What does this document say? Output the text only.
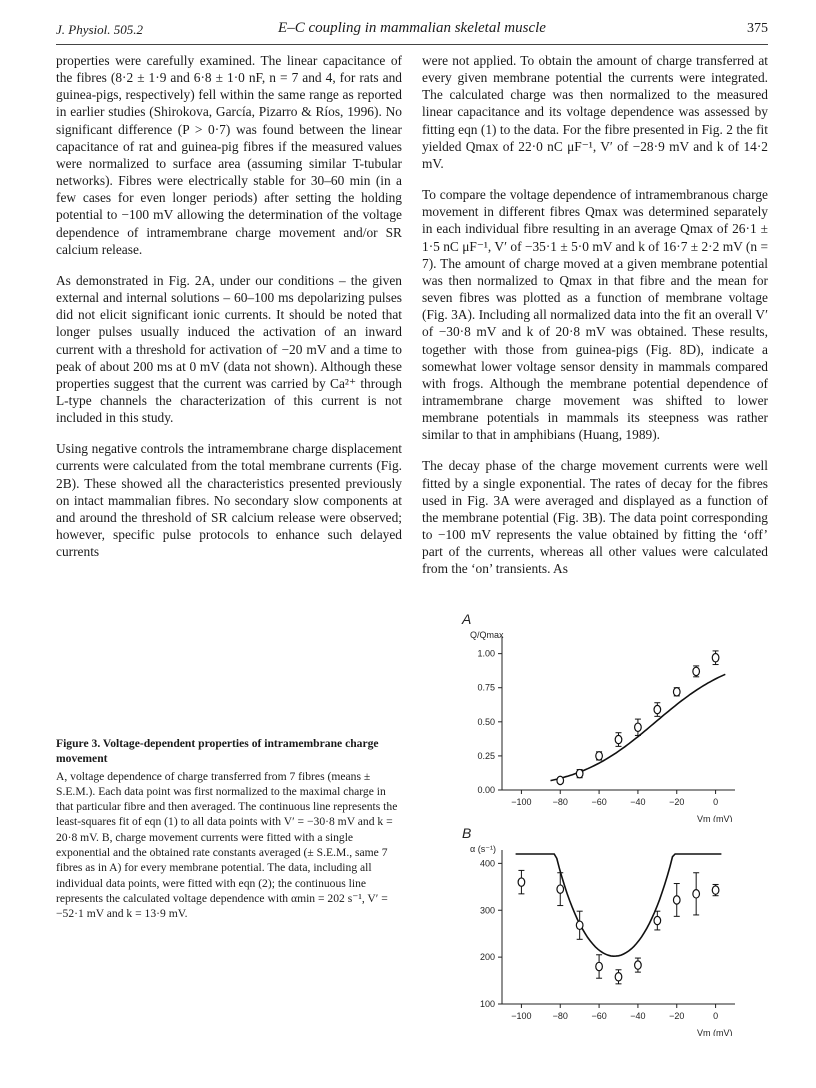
J. Physiol. 505.2	E–C coupling in mammalian skeletal muscle	375

properties were carefully examined. The linear capacitance of the fibres (8·2 ± 1·9 and 6·8 ± 1·0 nF, n = 7 and 4, for rats and guinea-pigs, respectively) fell within the same range as reported in earlier studies (Shirokova, García, Pizarro & Ríos, 1996). No significant difference (P > 0·7) was found between the linear capacitance of rat and guinea-pig fibres if the measured values were normalized to surface area (assuming similar T-tubular networks). Fibres were electrically stable for 30–60 min (in a few cases for even longer periods) after setting the holding potential to −100 mV allowing the determination of the voltage dependence of intramembrane charge movement and/or SR calcium release.

As demonstrated in Fig. 2A, under our conditions – the given external and internal solutions – 60–100 ms depolarizing pulses did not elicit significant ionic currents. It should be noted that longer pulses usually induced the activation of an inward current with a threshold for activation of −20 mV and a time to peak of about 200 ms at 0 mV (data not shown). Although these properties suggest that the current was carried by Ca²⁺ through L-type channels the characterization of this current is not included in this study.

Using negative controls the intramembrane charge displacement currents were calculated from the total membrane currents (Fig. 2B). These showed all the characteristics presented previously on intact mammalian fibres. No secondary slow components at and around the threshold of SR calcium release were observed; however, specific pulse protocols to enhance such delayed currents

were not applied. To obtain the amount of charge transferred at every given membrane potential the currents were integrated. The calculated charge was then normalized to the measured linear capacitance and its voltage dependence was assessed by fitting eqn (1) to the data. For the fibre presented in Fig. 2 the fit yielded Qmax of 22·0 nC μF⁻¹, V′ of −28·9 mV and k of 14·2 mV.

To compare the voltage dependence of intramembranous charge movement in different fibres Qmax was determined separately in each individual fibre resulting in an average Qmax of 26·1 ± 1·5 nC μF⁻¹, V′ of −35·1 ± 5·0 mV and k of 16·7 ± 2·2 mV (n = 7). The amount of charge moved at a given membrane potential was then normalized to Qmax in that fibre and the mean for seven fibres was plotted as a function of membrane voltage (Fig. 3A). Including all normalized data into the fit an overall V′ of −30·8 mV and k of 20·8 mV was obtained. These results, together with those from guinea-pigs (Fig. 8D), indicate a somewhat lower voltage sensor density in mammals compared with frogs. Although the membrane potential dependence of intramembrane charge movement was shifted to lower membrane potentials in mammals its steepness was rather similar to that in amphibians (Huang, 1989).

The decay phase of the charge movement currents were well fitted by a single exponential. The rates of decay for the fibres used in Fig. 3A were averaged and displayed as a function of the membrane potential (Fig. 3B). The data point corresponding to −100 mV represents the value obtained by fitting the ‘off’ part of the currents, whereas all other values were calculated from the ‘on’ transients. As

Figure 3. Voltage-dependent properties of intramembrane charge movement
A, voltage dependence of charge transferred from 7 fibres (means ± S.E.M.). Each data point was first normalized to the maximal charge in that particular fibre and then averaged. The continuous line represents the least-squares fit of eqn (1) to all data points with V′ = −30·8 mV and k = 20·8 mV. B, charge movement currents were fitted with a single exponential and the obtained rate constants averaged (± S.E.M., same 7 fibres as in A) for every membrane potential. The data, including all individual data points, were fitted with eqn (2); the continuous line represents the calculated voltage dependence with αmin = 202 s⁻¹, V′ = −52·1 mV and k = 13·9 mV.
A
Q/Qmax
0.00
0.25
0.50
0.75
1.00
−100 −80	−60	−40	−20	0
Vm (mV)
B
α (s⁻¹)
100
200
300
400
−100 −80	−60	−40	−20	0
Vm (mV)
